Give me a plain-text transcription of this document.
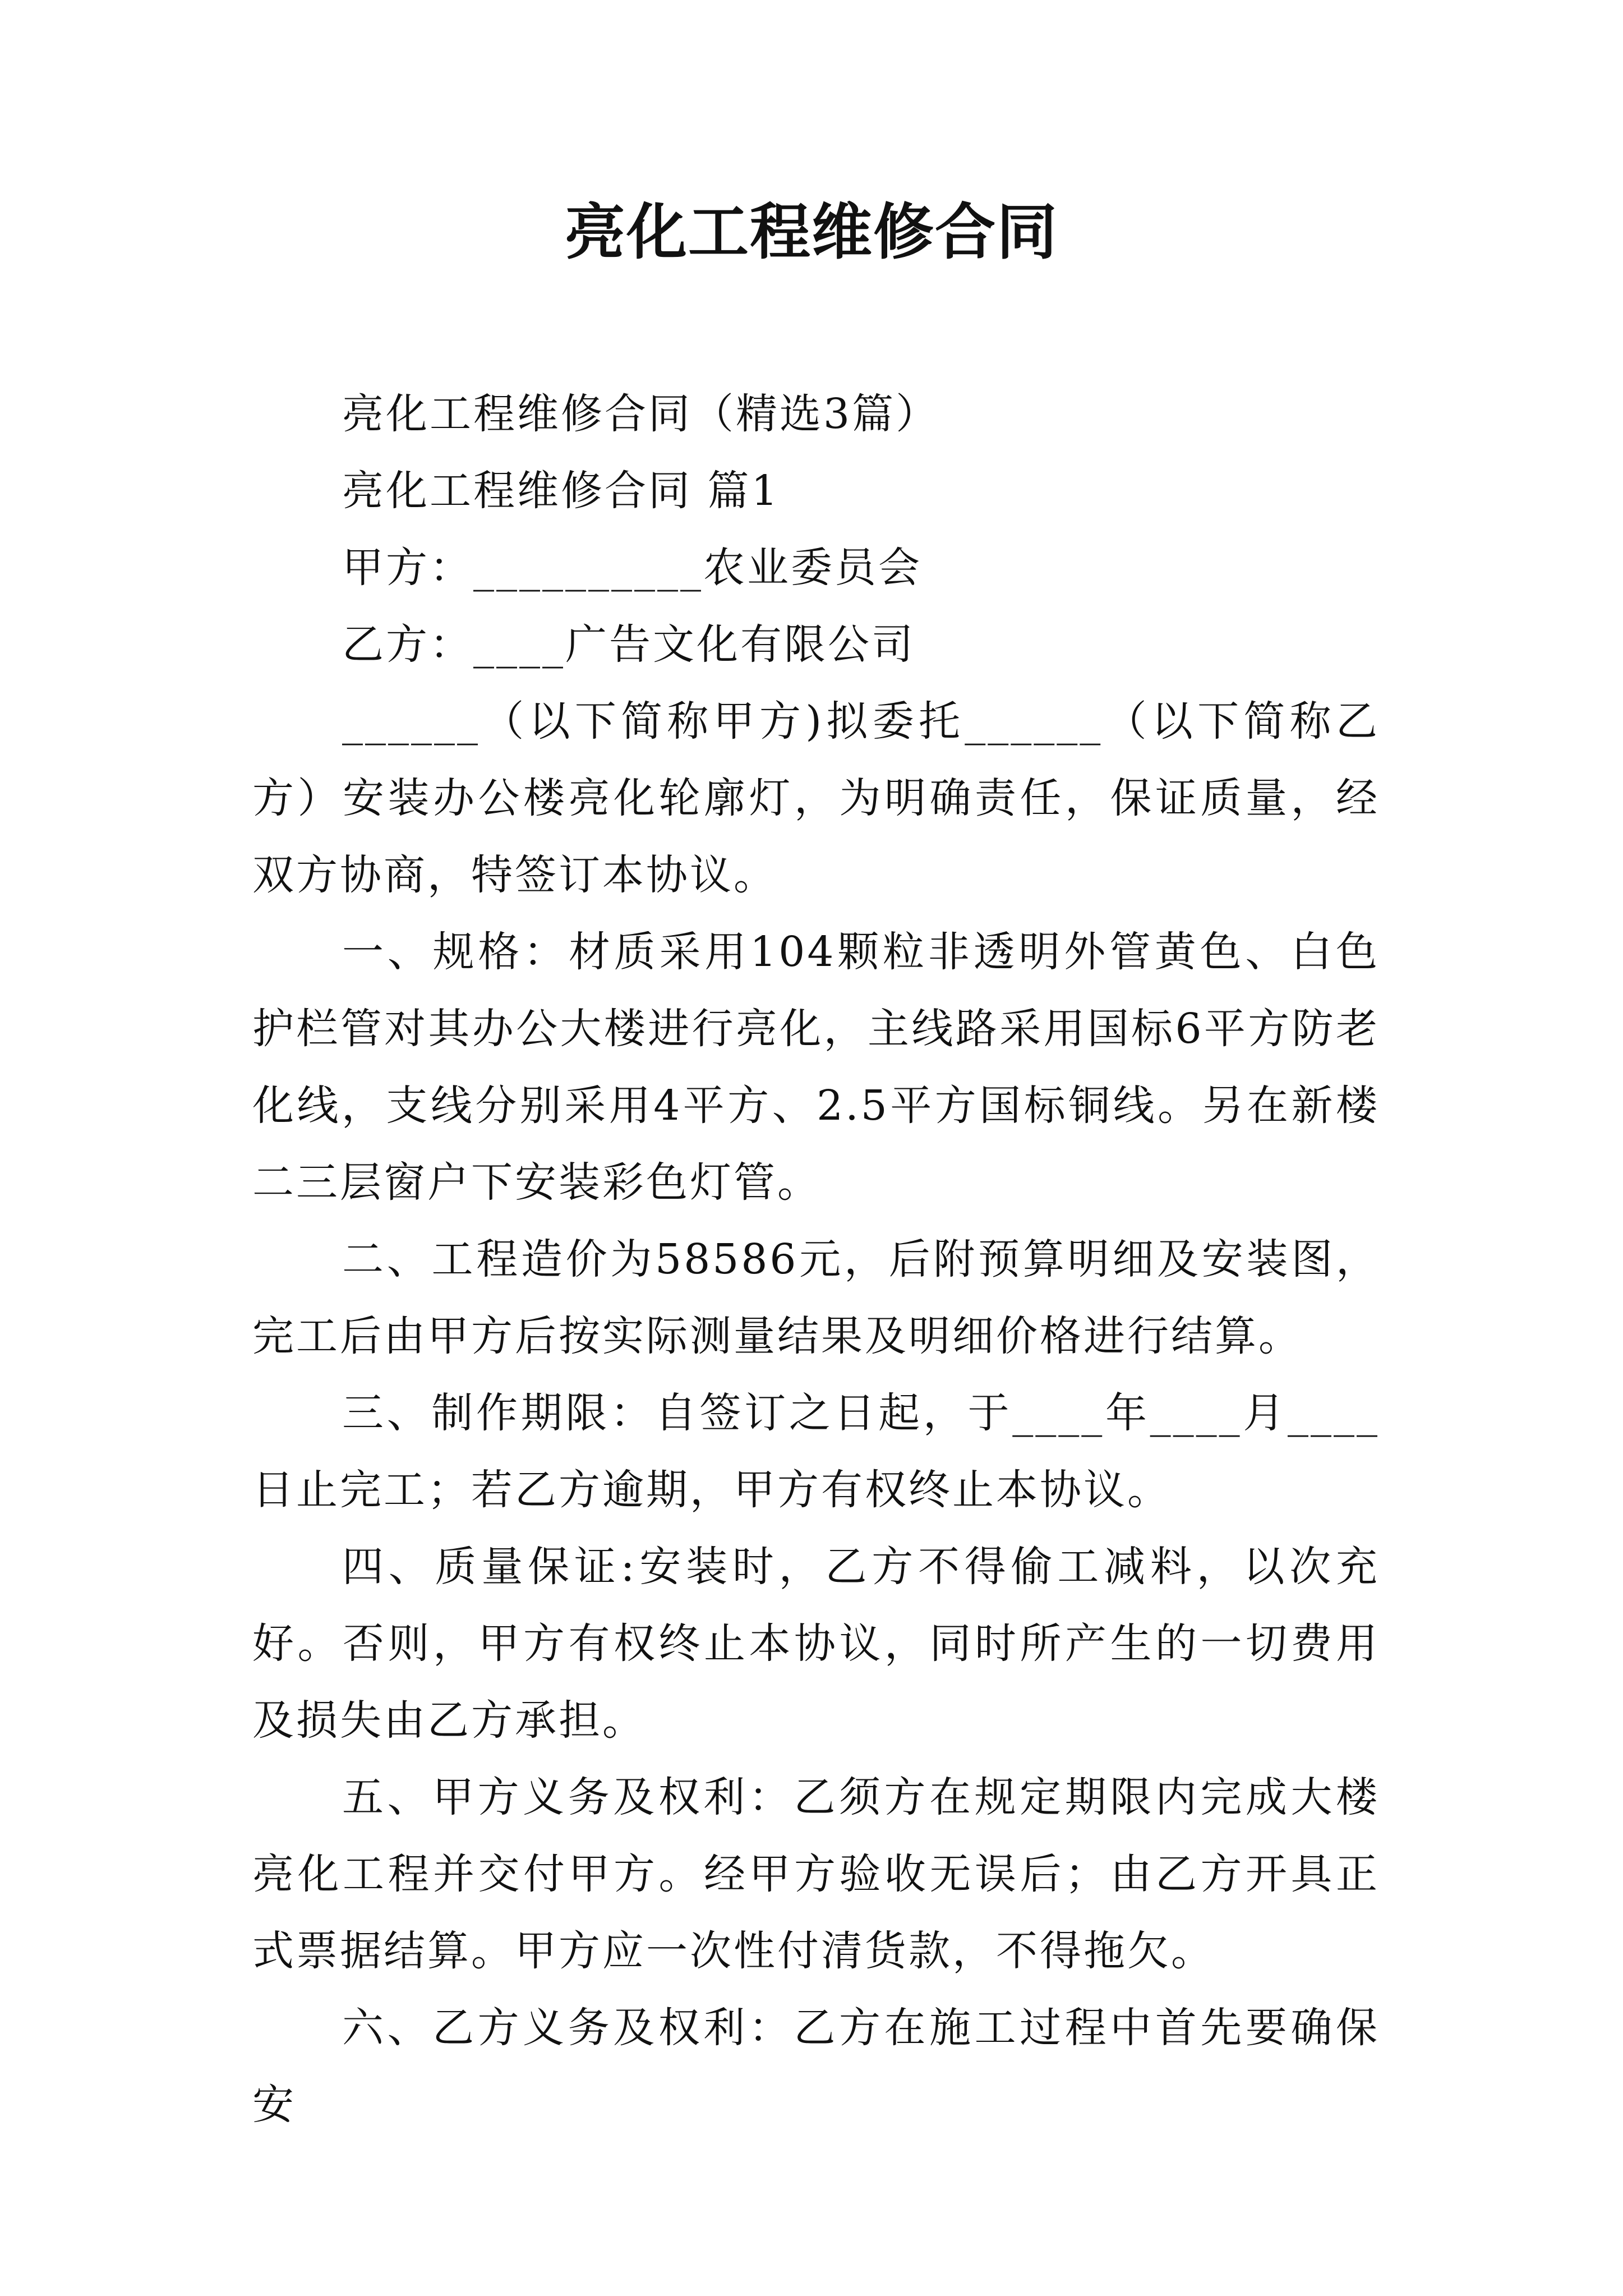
亮化工程维修合同

亮化工程维修合同（精选3篇）

亮化工程维修合同 篇1

甲方：__________农业委员会

乙方：____广告文化有限公司

______（以下简称甲方)拟委托______（以下简称乙方）安装办公楼亮化轮廓灯，为明确责任，保证质量，经双方协商，特签订本协议。

一、规格：材质采用104颗粒非透明外管黄色、白色护栏管对其办公大楼进行亮化，主线路采用国标6平方防老化线，支线分别采用4平方、2.5平方国标铜线。另在新楼二三层窗户下安装彩色灯管。

二、工程造价为58586元，后附预算明细及安装图，完工后由甲方后按实际测量结果及明细价格进行结算。

三、制作期限：自签订之日起，于____年____月____日止完工；若乙方逾期，甲方有权终止本协议。

四、质量保证:安装时，乙方不得偷工减料，以次充好。否则，甲方有权终止本协议，同时所产生的一切费用及损失由乙方承担。

五、甲方义务及权利：乙须方在规定期限内完成大楼亮化工程并交付甲方。经甲方验收无误后；由乙方开具正式票据结算。甲方应一次性付清货款，不得拖欠。

六、乙方义务及权利：乙方在施工过程中首先要确保安
